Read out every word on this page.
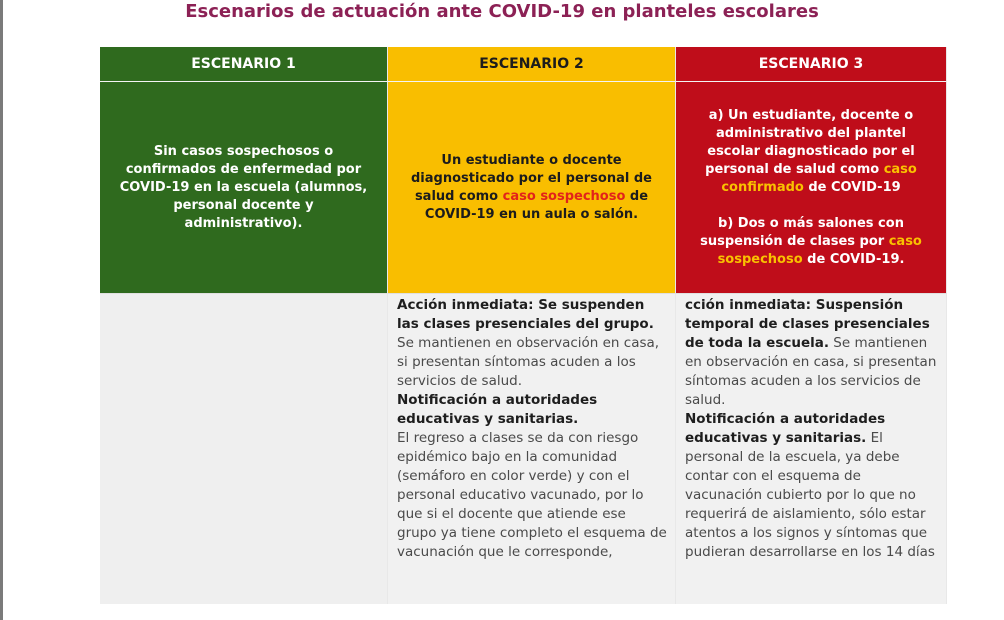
Escenarios de actuación ante COVID-19 en planteles escolares
ESCENARIO 1	ESCENARIO 2	ESCENARIO 3

Sin casos sospechosos o confirmados de enfermedad por COVID-19 en la escuela (alumnos, personal docente y administrativo).

Un estudiante o docente diagnosticado por el personal de salud como caso sospechoso de COVID-19 en un aula o salón.

a) Un estudiante, docente o administrativo del plantel escolar diagnosticado por el personal de salud como caso confirmado de COVID-19

b) Dos o más salones con suspensión de clases por caso sospechoso de COVID-19.

Acción inmediata: Se suspenden las clases presenciales del grupo. Se mantienen en observación en casa, si presentan síntomas acuden a los servicios de salud.

Notificación a autoridades educativas y sanitarias.

El regreso a clases se da con riesgo epidémico bajo en la comunidad (semáforo en color verde) y con el personal educativo vacunado, por lo que si el docente que atiende ese grupo ya tiene completo el esquema de vacunación que le corresponde,

cción inmediata: Suspensión temporal de clases presenciales de toda la escuela. Se mantienen en observación en casa, si presentan síntomas acuden a los servicios de salud.

Notificación a autoridades educativas y sanitarias. El personal de la escuela, ya debe contar con el esquema de vacunación cubierto por lo que no requerirá de aislamiento, sólo estar atentos a los signos y síntomas que pudieran desarrollarse en los 14 días
